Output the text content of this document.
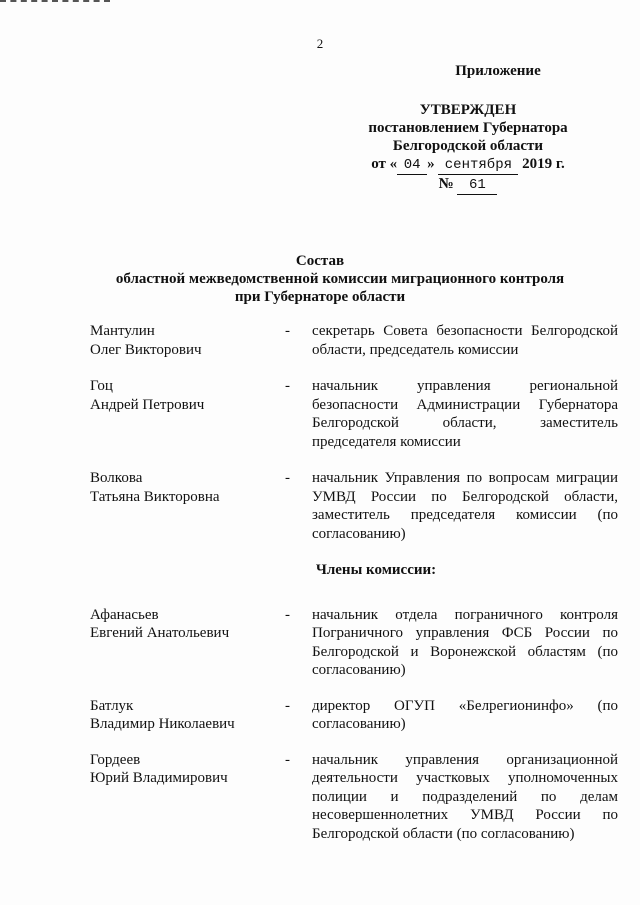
2
Приложение
УТВЕРЖДЕН
постановлением Губернатора
Белгородской области
от « 04 » сентября 2019 г.
№ 61
Состав
областной межведомственной комиссии миграционного контроля
при Губернаторе области
Мантулин
Олег Викторович
-	секретарь Совета безопасности Белгородской области, председатель комиссии
Гоц
Андрей Петрович
-	начальник управления региональной безопасности Администрации Губернатора Белгородской области, заместитель председателя комиссии
Волкова
Татьяна Викторовна
-	начальник Управления по вопросам миграции УМВД России по Белгородской области, заместитель председателя комиссии (по согласованию)
Члены комиссии:
Афанасьев
Евгений Анатольевич
-	начальник отдела пограничного контроля Пограничного управления ФСБ России по Белгородской и Воронежской областям (по согласованию)
Батлук
Владимир Николаевич
-	директор ОГУП «Белрегионинфо» (по согласованию)
Гордеев
Юрий Владимирович
-	начальник управления организационной деятельности участковых уполномоченных полиции и подразделений по делам несовершеннолетних УМВД России по Белгородской области (по согласованию)
